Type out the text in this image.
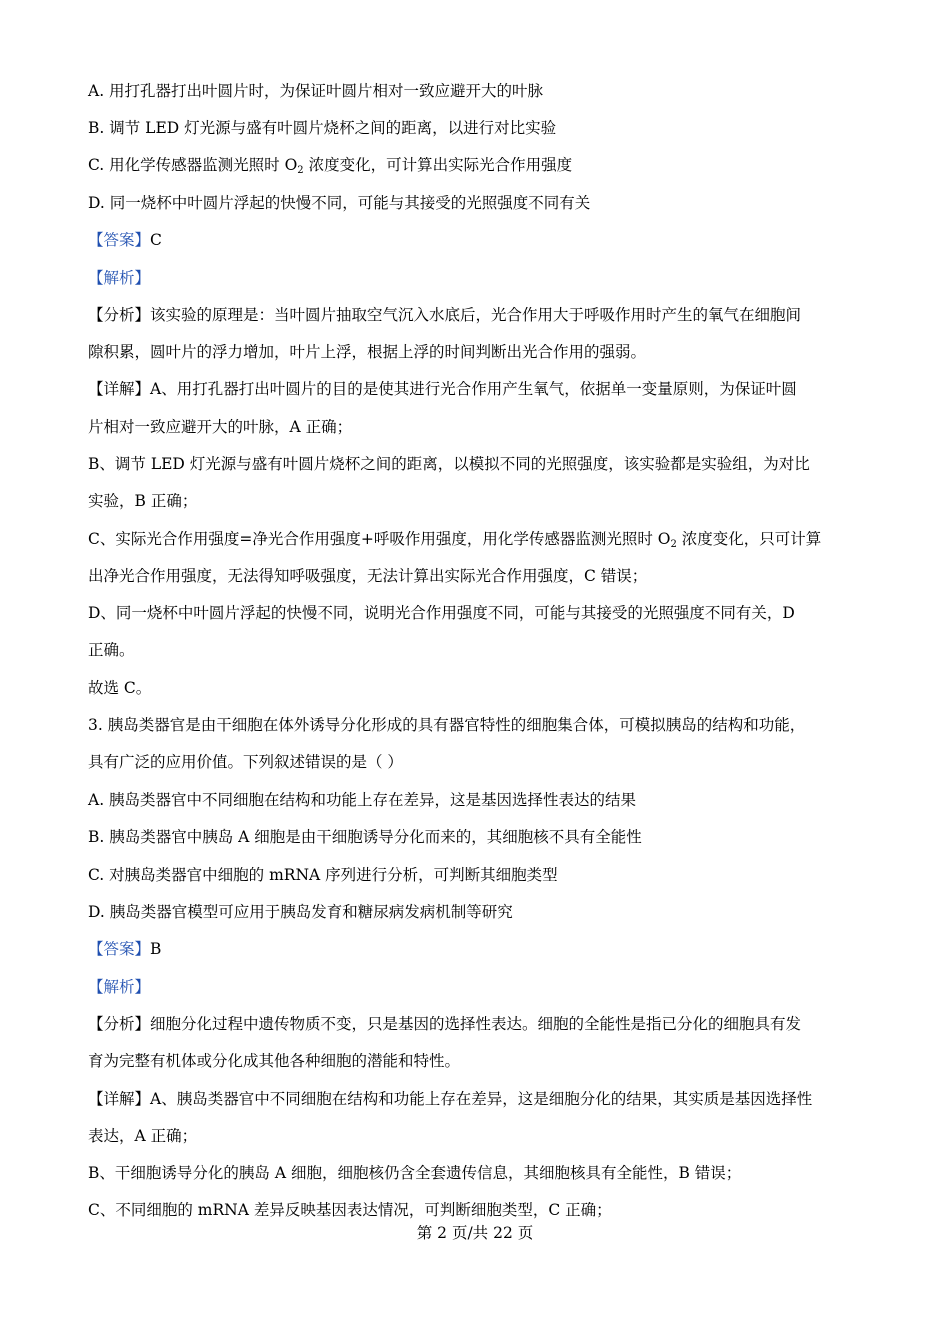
A. 用打孔器打出叶圆片时，为保证叶圆片相对一致应避开大的叶脉
B. 调节 LED 灯光源与盛有叶圆片烧杯之间的距离，以进行对比实验
C. 用化学传感器监测光照时 $O_2$ 浓度变化，可计算出实际光合作用强度
D. 同一烧杯中叶圆片浮起的快慢不同，可能与其接受的光照强度不同有关
【答案】C
【解析】
【分析】该实验的原理是：当叶圆片抽取空气沉入水底后，光合作用大于呼吸作用时产生的氧气在细胞间
隙积累，圆叶片的浮力增加，叶片上浮，根据上浮的时间判断出光合作用的强弱。
【详解】A、用打孔器打出叶圆片的目的是使其进行光合作用产生氧气，依据单一变量原则，为保证叶圆
片相对一致应避开大的叶脉，A 正确；
B、调节 LED 灯光源与盛有叶圆片烧杯之间的距离，以模拟不同的光照强度，该实验都是实验组，为对比
实验，B 正确；
C、实际光合作用强度=净光合作用强度+呼吸作用强度，用化学传感器监测光照时 $O_2$ 浓度变化，只可计算
出净光合作用强度，无法得知呼吸强度，无法计算出实际光合作用强度，C 错误；
D、同一烧杯中叶圆片浮起的快慢不同，说明光合作用强度不同，可能与其接受的光照强度不同有关，D
正确。
故选 C。
3. 胰岛类器官是由干细胞在体外诱导分化形成的具有器官特性的细胞集合体，可模拟胰岛的结构和功能，
具有广泛的应用价值。下列叙述错误的是（ ）
A. 胰岛类器官中不同细胞在结构和功能上存在差异，这是基因选择性表达的结果
B. 胰岛类器官中胰岛 A 细胞是由干细胞诱导分化而来的，其细胞核不具有全能性
C. 对胰岛类器官中细胞的 mRNA 序列进行分析，可判断其细胞类型
D. 胰岛类器官模型可应用于胰岛发育和糖尿病发病机制等研究
【答案】B
【解析】
【分析】细胞分化过程中遗传物质不变，只是基因的选择性表达。细胞的全能性是指已分化的细胞具有发
育为完整有机体或分化成其他各种细胞的潜能和特性。
【详解】A、胰岛类器官中不同细胞在结构和功能上存在差异，这是细胞分化的结果，其实质是基因选择性
表达，A 正确；
B、干细胞诱导分化的胰岛 A 细胞，细胞核仍含全套遗传信息，其细胞核具有全能性，B 错误；
C、不同细胞的 mRNA 差异反映基因表达情况，可判断细胞类型，C 正确；
第 2 页/共 22 页
